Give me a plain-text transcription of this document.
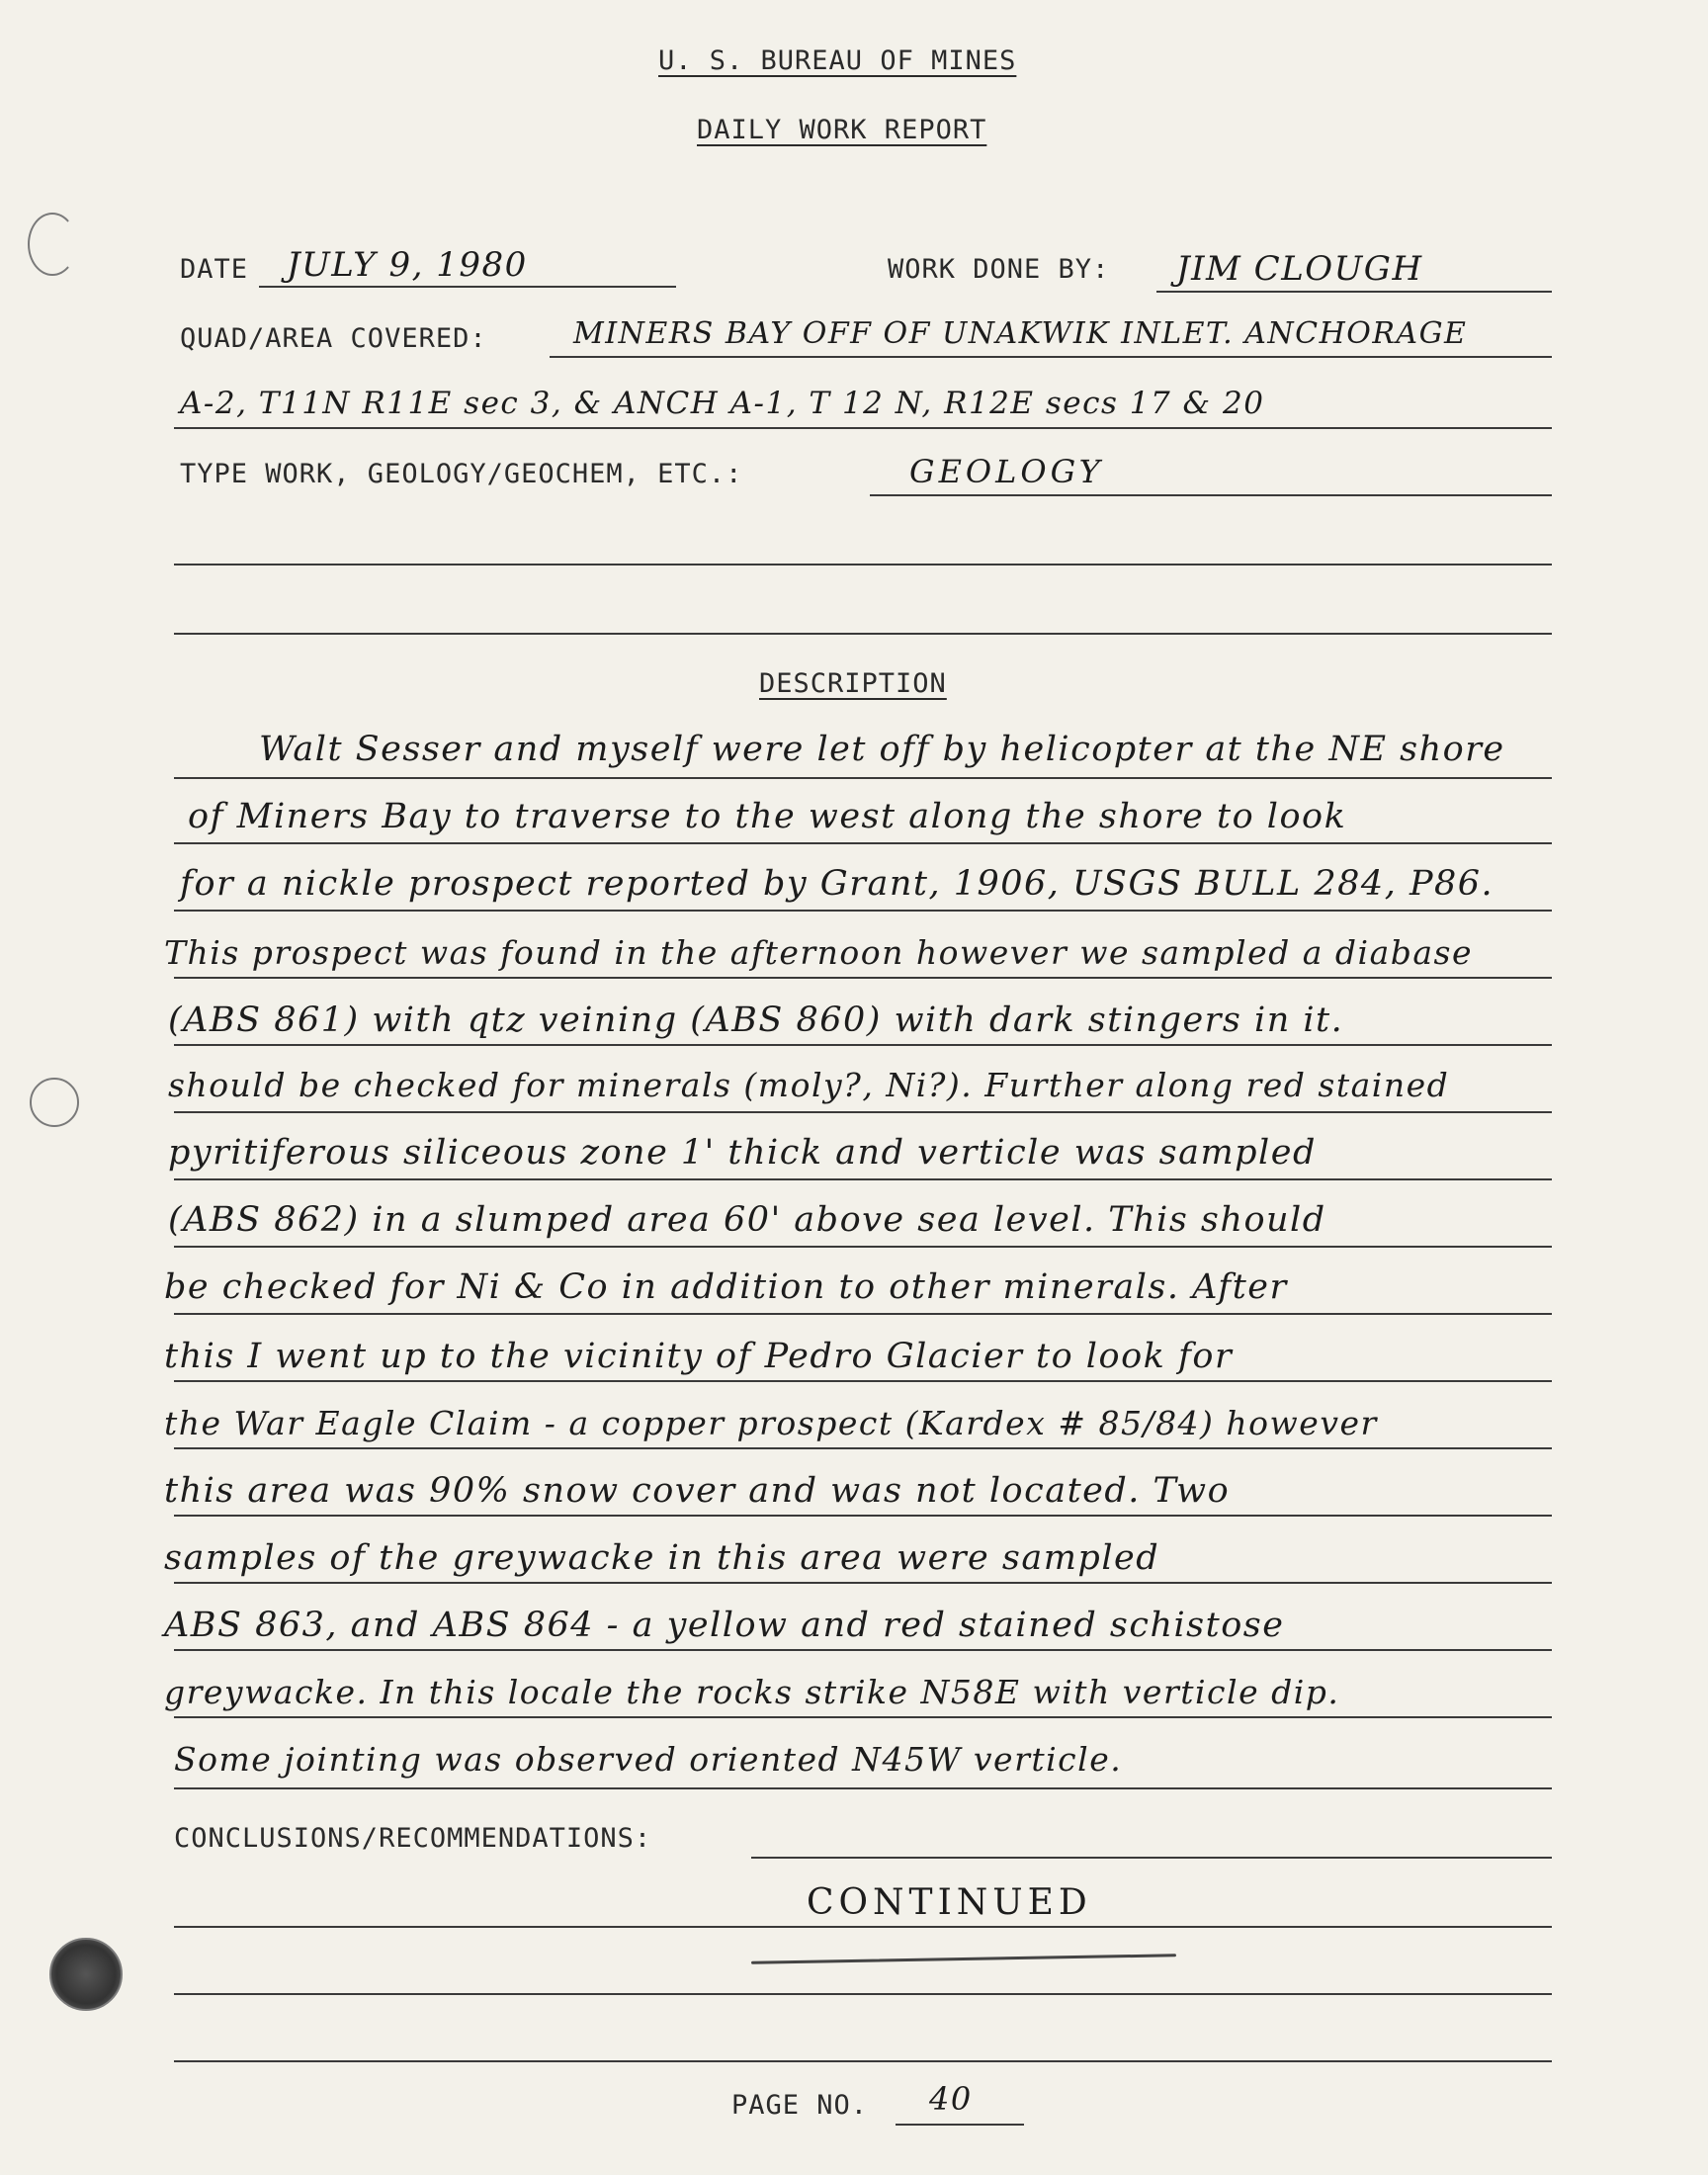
U. S. BUREAU OF MINES
DAILY WORK REPORT
DATE JULY 9, 1980	WORK DONE BY: JIM CLOUGH
QUAD/AREA COVERED:	MINERS BAY OFF OF UNAKWIK INLET. ANCHORAGE
A-2, T11N R11E sec 3, & ANCH A-1, T 12 N, R12E secs 17 & 20
TYPE WORK, GEOLOGY/GEOCHEM, ETC.:	GEOLOGY
DESCRIPTION
Walt Sesser and myself were let off by helicopter at the NE shore
of Miners Bay to traverse to the west along the shore to look
for a nickle prospect reported by Grant, 1906, USGS BULL 284, P86.
This prospect was found in the afternoon however we sampled a diabase
(ABS 861) with qtz veining (ABS 860) with dark stingers in it.
should be checked for minerals (moly?, Ni?). Further along red stained
pyritiferous siliceous zone 1' thick and verticle was sampled
(ABS 862) in a slumped area 60' above sea level. This should
be checked for Ni & Co in addition to other minerals. After
this I went up to the vicinity of Pedro Glacier to look for
the War Eagle Claim - a copper prospect (Kardex # 85/84) however
this area was 90% snow cover and was not located. Two
samples of the greywacke in this area were sampled
ABS 863, and ABS 864 - a yellow and red stained schistose
greywacke. In this locale the rocks strike N58E with verticle dip.
Some jointing was observed oriented N45W verticle.
CONCLUSIONS/RECOMMENDATIONS:
CONTINUED
PAGE NO. 40
